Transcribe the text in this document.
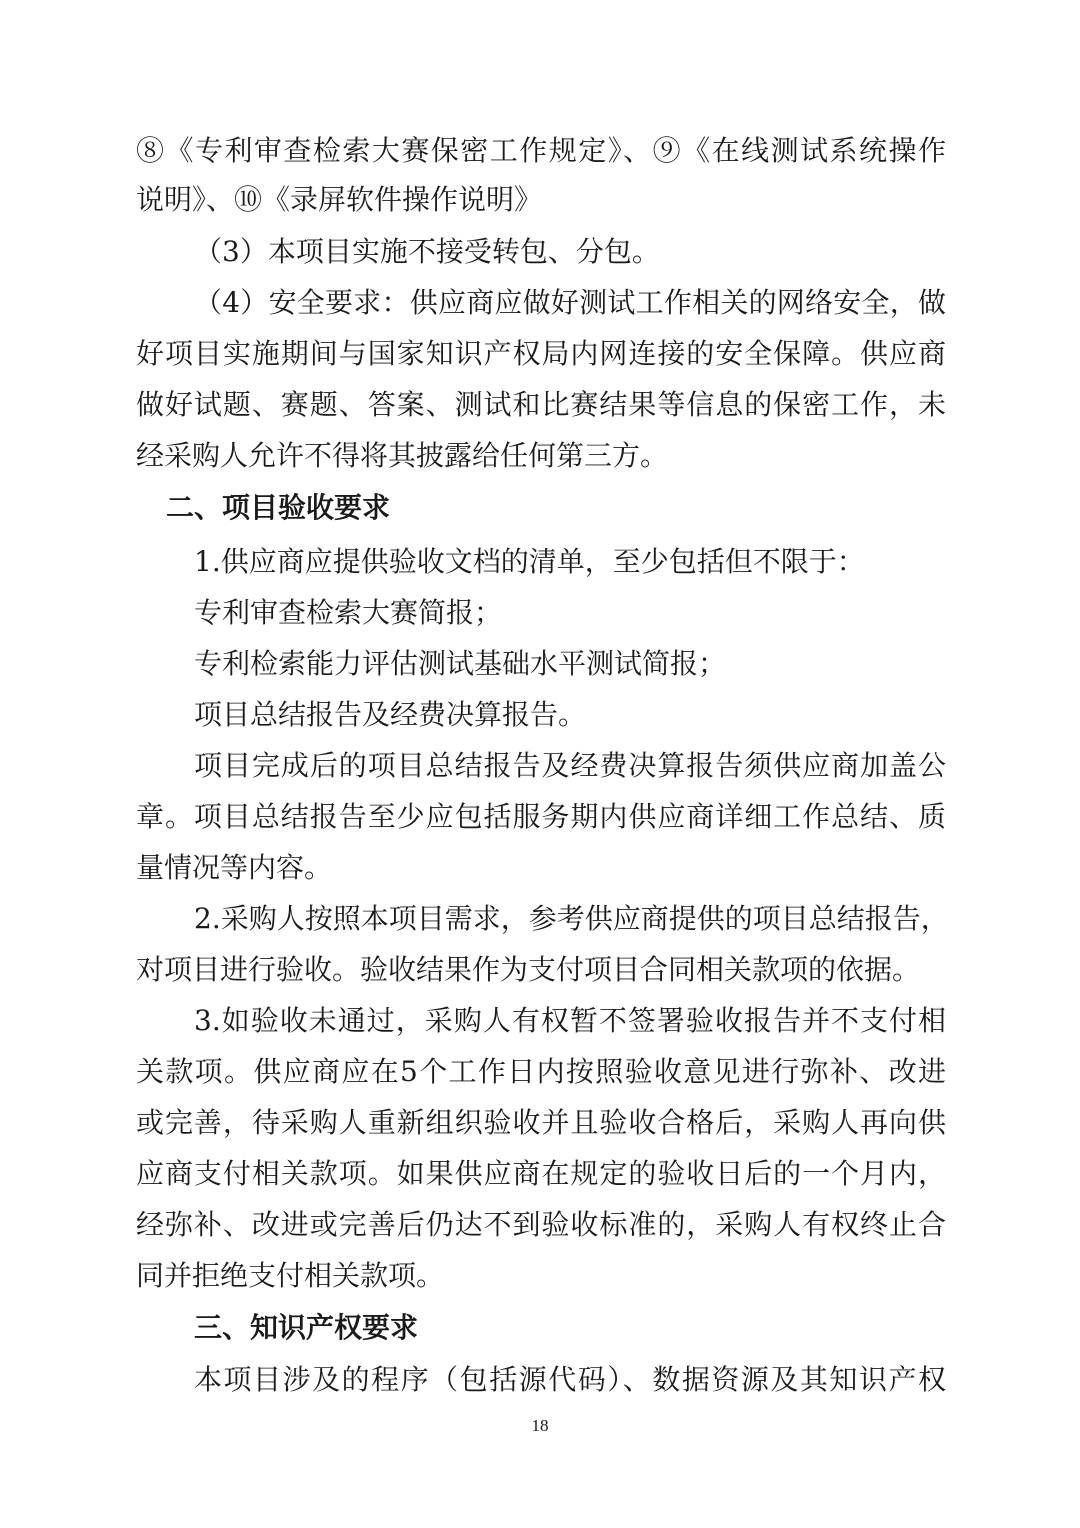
⑧《专利审查检索大赛保密工作规定》、⑨《在线测试系统操作
说明》、⑩《录屏软件操作说明》
（3）本项目实施不接受转包、分包。
（4）安全要求：供应商应做好测试工作相关的网络安全，做
好项目实施期间与国家知识产权局内网连接的安全保障。供应商
做好试题、赛题、答案、测试和比赛结果等信息的保密工作，未
经采购人允许不得将其披露给任何第三方。
二、项目验收要求
1.供应商应提供验收文档的清单，至少包括但不限于：
专利审查检索大赛简报；
专利检索能力评估测试基础水平测试简报；
项目总结报告及经费决算报告。
项目完成后的项目总结报告及经费决算报告须供应商加盖公
章。项目总结报告至少应包括服务期内供应商详细工作总结、质
量情况等内容。
2.采购人按照本项目需求，参考供应商提供的项目总结报告，
对项目进行验收。验收结果作为支付项目合同相关款项的依据。
3.如验收未通过，采购人有权暂不签署验收报告并不支付相
关款项。供应商应在5个工作日内按照验收意见进行弥补、改进
或完善，待采购人重新组织验收并且验收合格后，采购人再向供
应商支付相关款项。如果供应商在规定的验收日后的一个月内，
经弥补、改进或完善后仍达不到验收标准的，采购人有权终止合
同并拒绝支付相关款项。
三、知识产权要求
本项目涉及的程序（包括源代码）、数据资源及其知识产权
18
